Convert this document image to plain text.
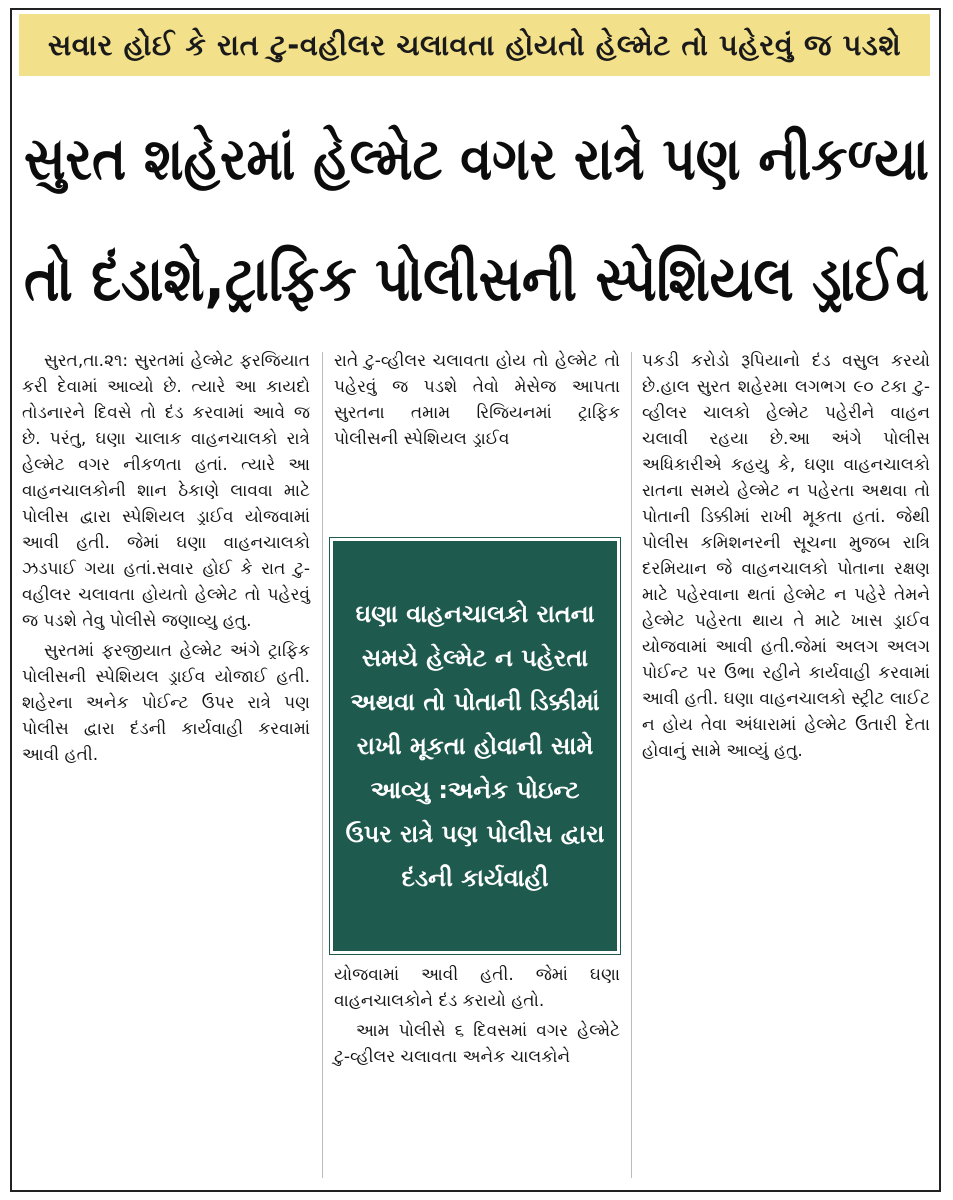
સવાર હોઈ કે રાત ટુ-વહીલર ચલાવતા હોયતો હેલ્મેટ તો પહેરવું જ પડશે
સુરત શહેરમાં હેલ્મેટ વગર રાત્રે પણ નીકળ્યા
તો દંડાશે,ટ્રાફિક પોલીસની સ્પેશિયલ ડ્રાઈવ

સુરત,તા.૨૧: સુરતમાં હેલ્મેટ ફરજિયાત કરી દેવામાં આવ્યો છે. ત્યારે આ કાયદો તોડનારને દિવસે તો દંડ કરવામાં આવે જ છે. પરંતુ, ઘણા ચાલાક વાહનચાલકો રાત્રે હેલ્મેટ વગર નીકળતા હતાં. ત્યારે આ વાહનચાલકોની શાન ઠેકાણે લાવવા માટે પોલીસ દ્વારા સ્પેશિયલ ડ્રાઈવ યોજવામાં આવી હતી. જેમાં ઘણા વાહનચાલકો ઝડપાઈ ગયા હતાં.સવાર હોઈ કે રાત ટુ-વહીલર ચલાવતા હોયતો હેલ્મેટ તો પહેરવું જ પડશે તેવુ પોલીસે જણાવ્યુ હતુ.

સુરતમાં ફરજીયાત હેલ્મેટ અંગે ટ્રાફિક પોલીસની સ્પેશિયલ ડ્રાઈવ યોજાઈ હતી. શહેરના અનેક પોઈન્ટ ઉપર રાત્રે પણ પોલીસ દ્વારા દંડની કાર્યવાહી કરવામાં આવી હતી.

રાતે ટુ-વ્હીલર ચલાવતા હોય તો હેલ્મેટ તો પહેરવું જ પડશે તેવો મેસેજ આપતા સુરતના તમામ રિજિયનમાં ટ્રાફિક પોલીસની સ્પેશિયલ ડ્રાઈવ

ઘણા વાહનચાલકો રાતના સમયે હેલ્મેટ ન પહેરતા અથવા તો પોતાની ડિક્કીમાં રાખી મૂકતા હોવાની સામે આવ્યુ :અનેક પોઇન્ટ ઉપર રાત્રે પણ પોલીસ દ્વારા દંડની કાર્યવાહી

યોજવામાં આવી હતી. જેમાં ઘણા વાહનચાલકોને દંડ કરાયો હતો.

આમ પોલીસે ૬ દિવસમાં વગર હેલ્મેટે ટુ-વ્હીલર ચલાવતા અનેક ચાલકોને

પકડી કરોડો રૂપિયાનો દંડ વસુલ કરયો છે.હાલ સુરત શહેરમા લગભગ ૯૦ ટકા ટુ-વ્હીલર ચાલકો હેલ્મેટ પહેરીને વાહન ચલાવી રહયા છે.આ અંગે પોલીસ અધિકારીએ કહયુ કે, ઘણા વાહનચાલકો રાતના સમયે હેલ્મેટ ન પહેરતા અથવા તો પોતાની ડિક્કીમાં રાખી મૂકતા હતાં. જેથી પોલીસ કમિશનરની સૂચના મુજબ રાત્રિ દરમિયાન જે વાહનચાલકો પોતાના રક્ષણ માટે પહેરવાના થતાં હેલ્મેટ ન પહેરે તેમને હેલ્મેટ પહેરતા થાય તે માટે ખાસ ડ્રાઈવ યોજવામાં આવી હતી.જેમાં અલગ અલગ પોઈન્ટ પર ઉભા રહીને કાર્યવાહી કરવામાં આવી હતી. ઘણા વાહનચાલકો સ્ટ્રીટ લાઈટ ન હોય તેવા અંધારામાં હેલ્મેટ ઉતારી દેતા હોવાનું સામે આવ્યું હતુ.
